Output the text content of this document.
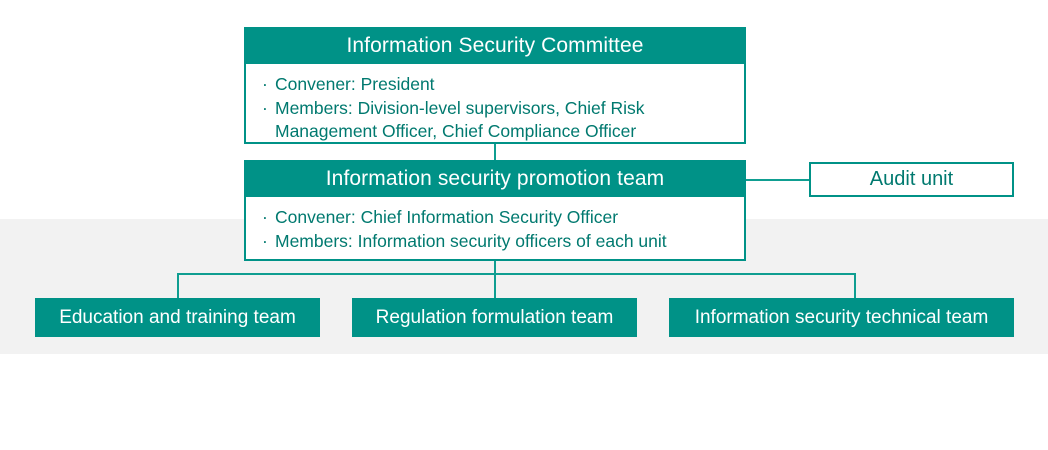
Information Security Committee
· Convener: President
· Members: Division-level supervisors, Chief Risk Management Officer, Chief Compliance Officer
Information security promotion team
· Convener: Chief Information Security Officer
· Members: Information security officers of each unit
Audit unit
Education and training team	Regulation formulation team	Information security technical team
